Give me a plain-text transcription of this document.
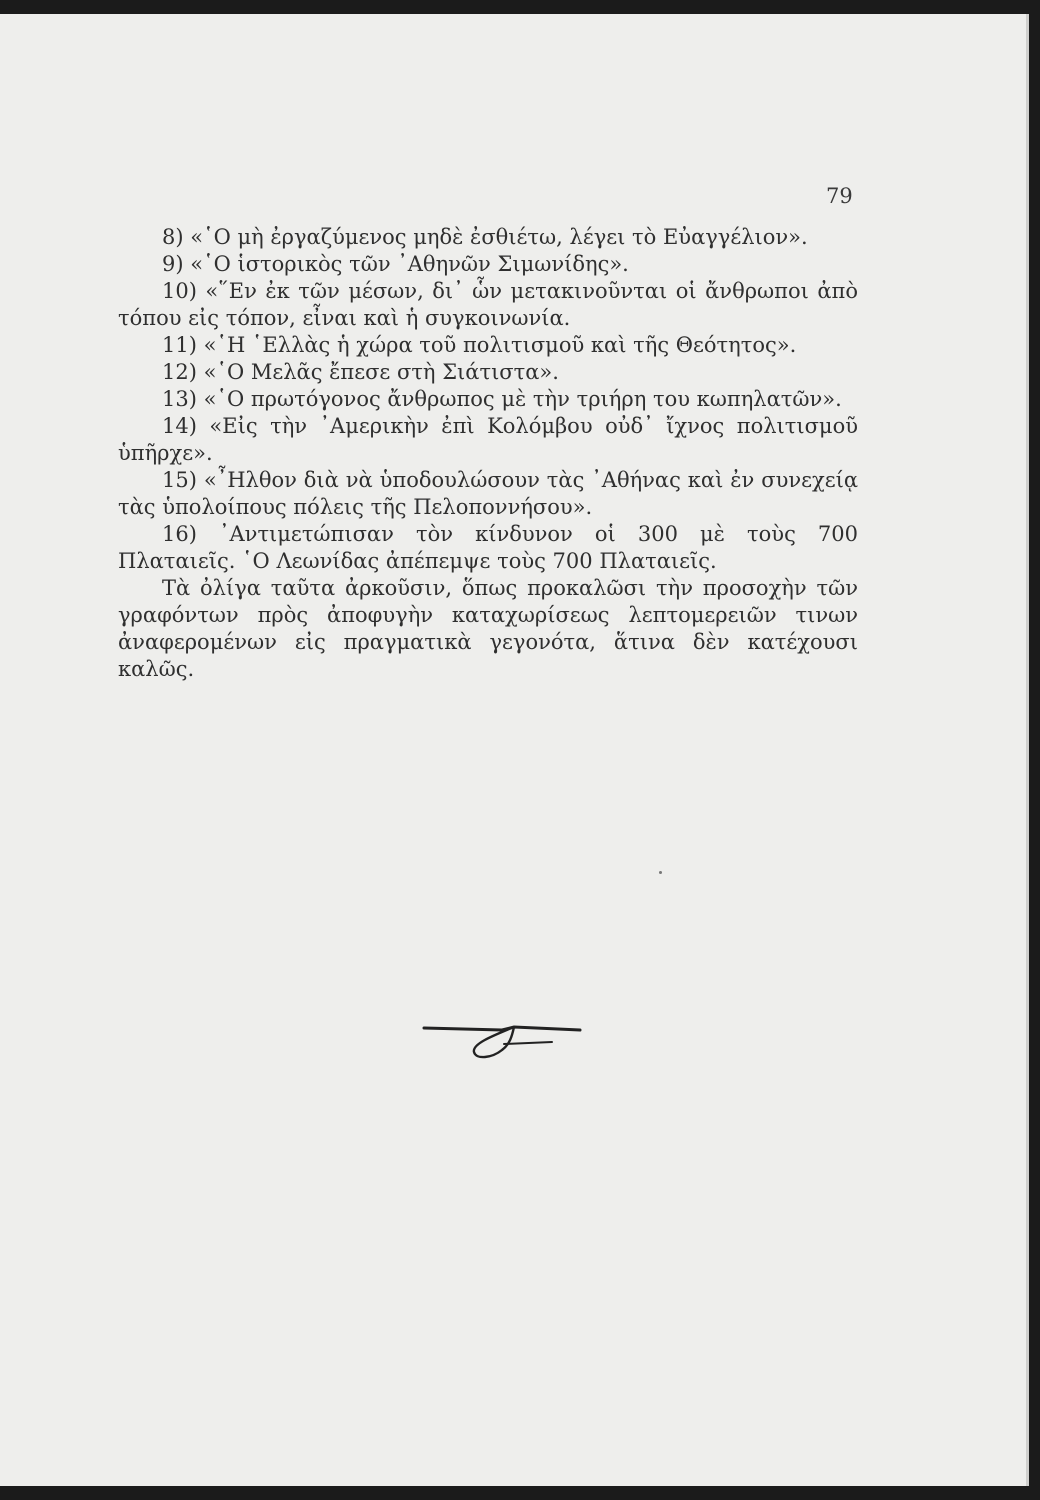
79

8) «῾Ο μὴ ἐργαζύμενος μηδὲ ἐσθιέτω, λέγει τὸ Εὐαγγέλιον».

9) «῾Ο ἱστορικὸς τῶν ᾿Αθηνῶν Σιμωνίδης».

10) «῞Εν ἐκ τῶν μέσων, δι᾿ ὧν μετακινοῦνται οἱ ἄνθρωποι ἀπὸ τόπου εἰς τόπον, εἶναι καὶ ἡ συγκοινωνία.

11) «῾Η ῾Ελλὰς ἡ χώρα τοῦ πολιτισμοῦ καὶ τῆς Θεότητος».

12) «῾Ο Μελᾶς ἔπεσε στὴ Σιάτιστα».

13) «῾Ο πρωτόγονος ἄνθρωπος μὲ τὴν τριήρη του κωπηλατῶν».

14) «Εἰς τὴν ᾿Αμερικὴν ἐπὶ Κολόμβου οὐδ᾿ ἴχνος πολιτισμοῦ ὑπῆρχε».

15) «῏Ηλθον διὰ νὰ ὑποδουλώσουν τὰς ᾿Αθήνας καὶ ἐν συνεχείᾳ τὰς ὑπολοίπους πόλεις τῆς Πελοποννήσου».

16) ᾿Αντιμετώπισαν τὸν κίνδυνον οἱ 300 μὲ τοὺς 700 Πλαταιεῖς. ῾Ο Λεωνίδας ἀπέπεμψε τοὺς 700 Πλαταιεῖς.

Τὰ ὀλίγα ταῦτα ἀρκοῦσιν, ὅπως προκαλῶσι τὴν προσοχὴν τῶν γραφόντων πρὸς ἀποφυγὴν καταχωρίσεως λεπτομερειῶν τινων ἀναφερομένων εἰς πραγματικὰ γεγονότα, ἅτινα δὲν κατέχουσι καλῶς.
